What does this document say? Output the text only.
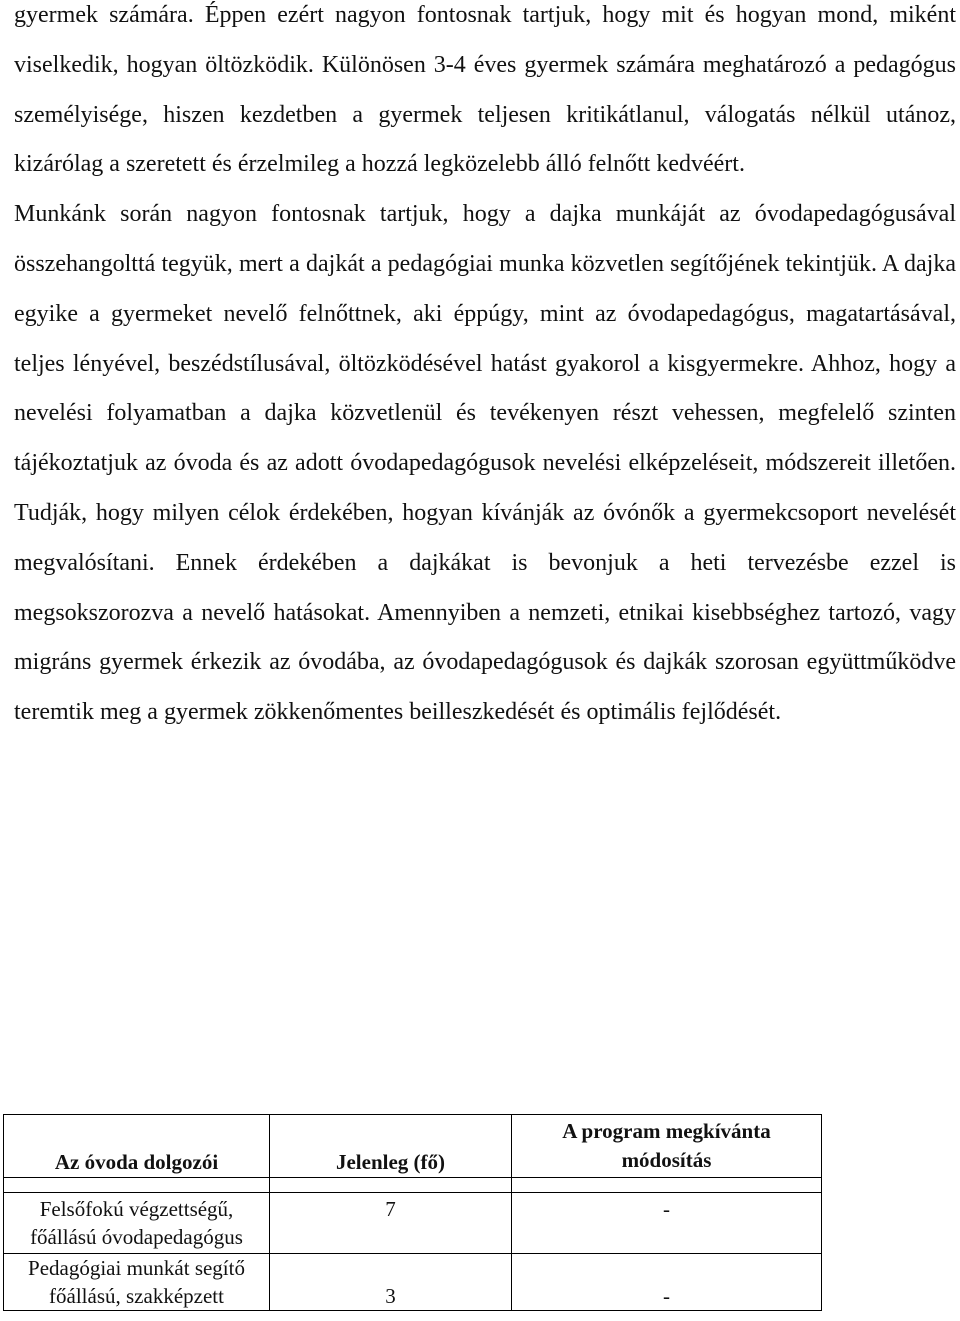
gyermek számára. Éppen ezért nagyon fontosnak tartjuk, hogy mit és hogyan mond, miként viselkedik, hogyan öltözködik. Különösen 3-4 éves gyermek számára meghatározó a pedagógus személyisége, hiszen kezdetben a gyermek teljesen kritikátlanul, válogatás nélkül utánoz, kizárólag a szeretett és érzelmileg a hozzá legközelebb álló felnőtt kedvéért.
Munkánk során nagyon fontosnak tartjuk, hogy a dajka munkáját az óvodapedagógusával összehangolttá tegyük, mert a dajkát a pedagógiai munka közvetlen segítőjének tekintjük. A dajka egyike a gyermeket nevelő felnőttnek, aki éppúgy, mint az óvodapedagógus, magatartásával, teljes lényével, beszédstílusával, öltözködésével hatást gyakorol a kisgyermekre. Ahhoz, hogy a nevelési folyamatban a dajka közvetlenül és tevékenyen részt vehessen, megfelelő szinten tájékoztatjuk az óvoda és az adott óvodapedagógusok nevelési elképzeléseit, módszereit illetően. Tudják, hogy milyen célok érdekében, hogyan kívánják az óvónők a gyermekcsoport nevelését megvalósítani. Ennek érdekében a dajkákat is bevonjuk a heti tervezésbe ezzel is megsokszorozva a nevelő hatásokat. Amennyiben a nemzeti, etnikai kisebbséghez tartozó, vagy migráns gyermek érkezik az óvodába, az óvodapedagógusok és dajkák szorosan együttműködve teremtik meg a gyermek zökkenőmentes beilleszkedését és optimális fejlődését.

Az óvoda dolgozói	Jelenleg (fő)	A program megkívánta
módosítás

Felsőfokú végzettségű,
főállású óvodapedagógus	7	-
Pedagógiai munkát segítő
főállású, szakképzett	3	-
